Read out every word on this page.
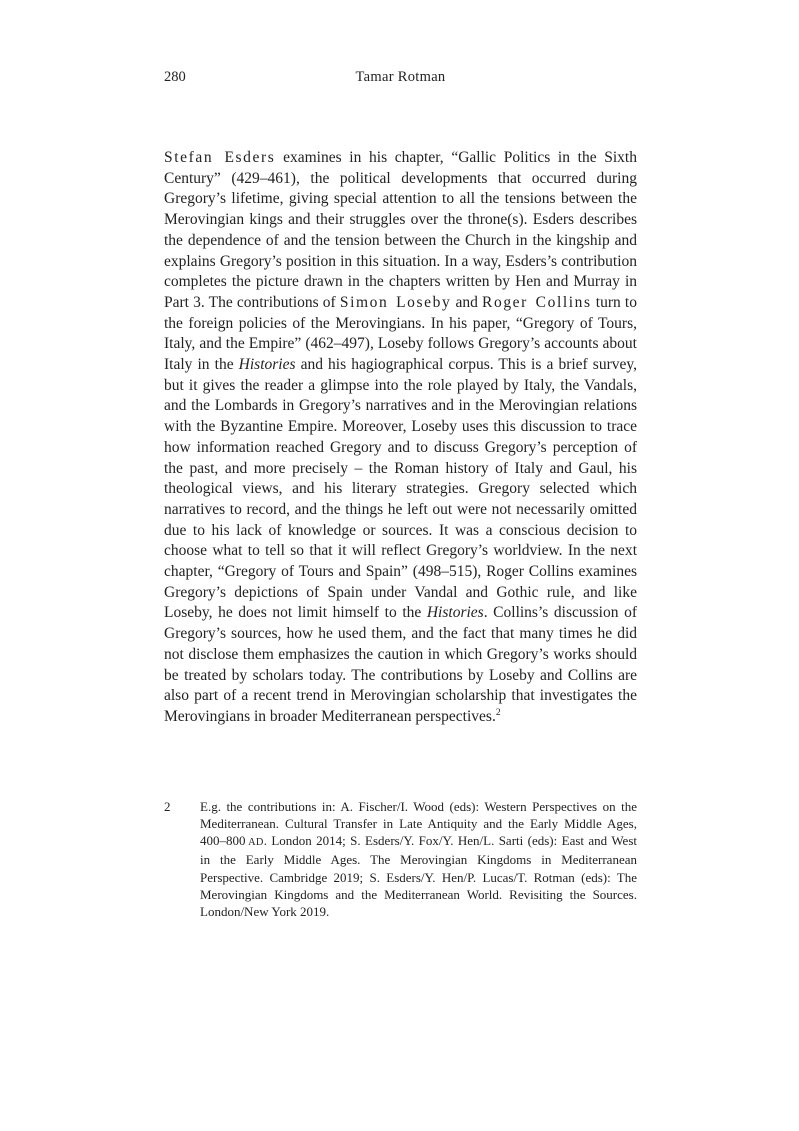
280	Tamar Rotman
Stefan Esders examines in his chapter, “Gallic Politics in the Sixth Century” (429–461), the political developments that occurred during Gregory’s lifetime, giving special attention to all the tensions between the Merovingian kings and their struggles over the throne(s). Esders describes the dependence of and the tension between the Church in the kingship and explains Gregory’s position in this situation. In a way, Esders’s contribution completes the picture drawn in the chapters written by Hen and Murray in Part 3. The contributions of Simon Loseby and Roger Collins turn to the foreign policies of the Merovingians. In his paper, “Gregory of Tours, Italy, and the Empire” (462–497), Loseby follows Gregory’s accounts about Italy in the Histories and his hagiographical corpus. This is a brief survey, but it gives the reader a glimpse into the role played by Italy, the Vandals, and the Lombards in Gregory’s narratives and in the Merovingian relations with the Byzantine Empire. Moreover, Loseby uses this discussion to trace how information reached Gregory and to discuss Gregory’s perception of the past, and more precisely – the Roman history of Italy and Gaul, his theological views, and his literary strategies. Gregory selected which narratives to record, and the things he left out were not necessarily omitted due to his lack of knowledge or sources. It was a conscious decision to choose what to tell so that it will reflect Gregory’s worldview. In the next chapter, “Gregory of Tours and Spain” (498–515), Roger Collins examines Gregory’s depictions of Spain under Vandal and Gothic rule, and like Loseby, he does not limit himself to the Histories. Collins’s discussion of Gregory’s sources, how he used them, and the fact that many times he did not disclose them emphasizes the caution in which Gregory’s works should be treated by scholars today. The contributions by Loseby and Collins are also part of a recent trend in Merovingian scholarship that investigates the Merovingians in broader Mediterranean perspectives.$^2$
2	E.g. the contributions in: A. Fischer/I. Wood (eds): Western Perspectives on the Mediterranean. Cultural Transfer in Late Antiquity and the Early Middle Ages, 400–800 AD. London 2014; S. Esders/Y. Fox/Y. Hen/L. Sarti (eds): East and West in the Early Middle Ages. The Merovingian Kingdoms in Mediterranean Perspective. Cambridge 2019; S. Esders/Y. Hen/P. Lucas/T. Rotman (eds): The Merovingian Kingdoms and the Mediterranean World. Revisiting the Sources. London/New York 2019.
